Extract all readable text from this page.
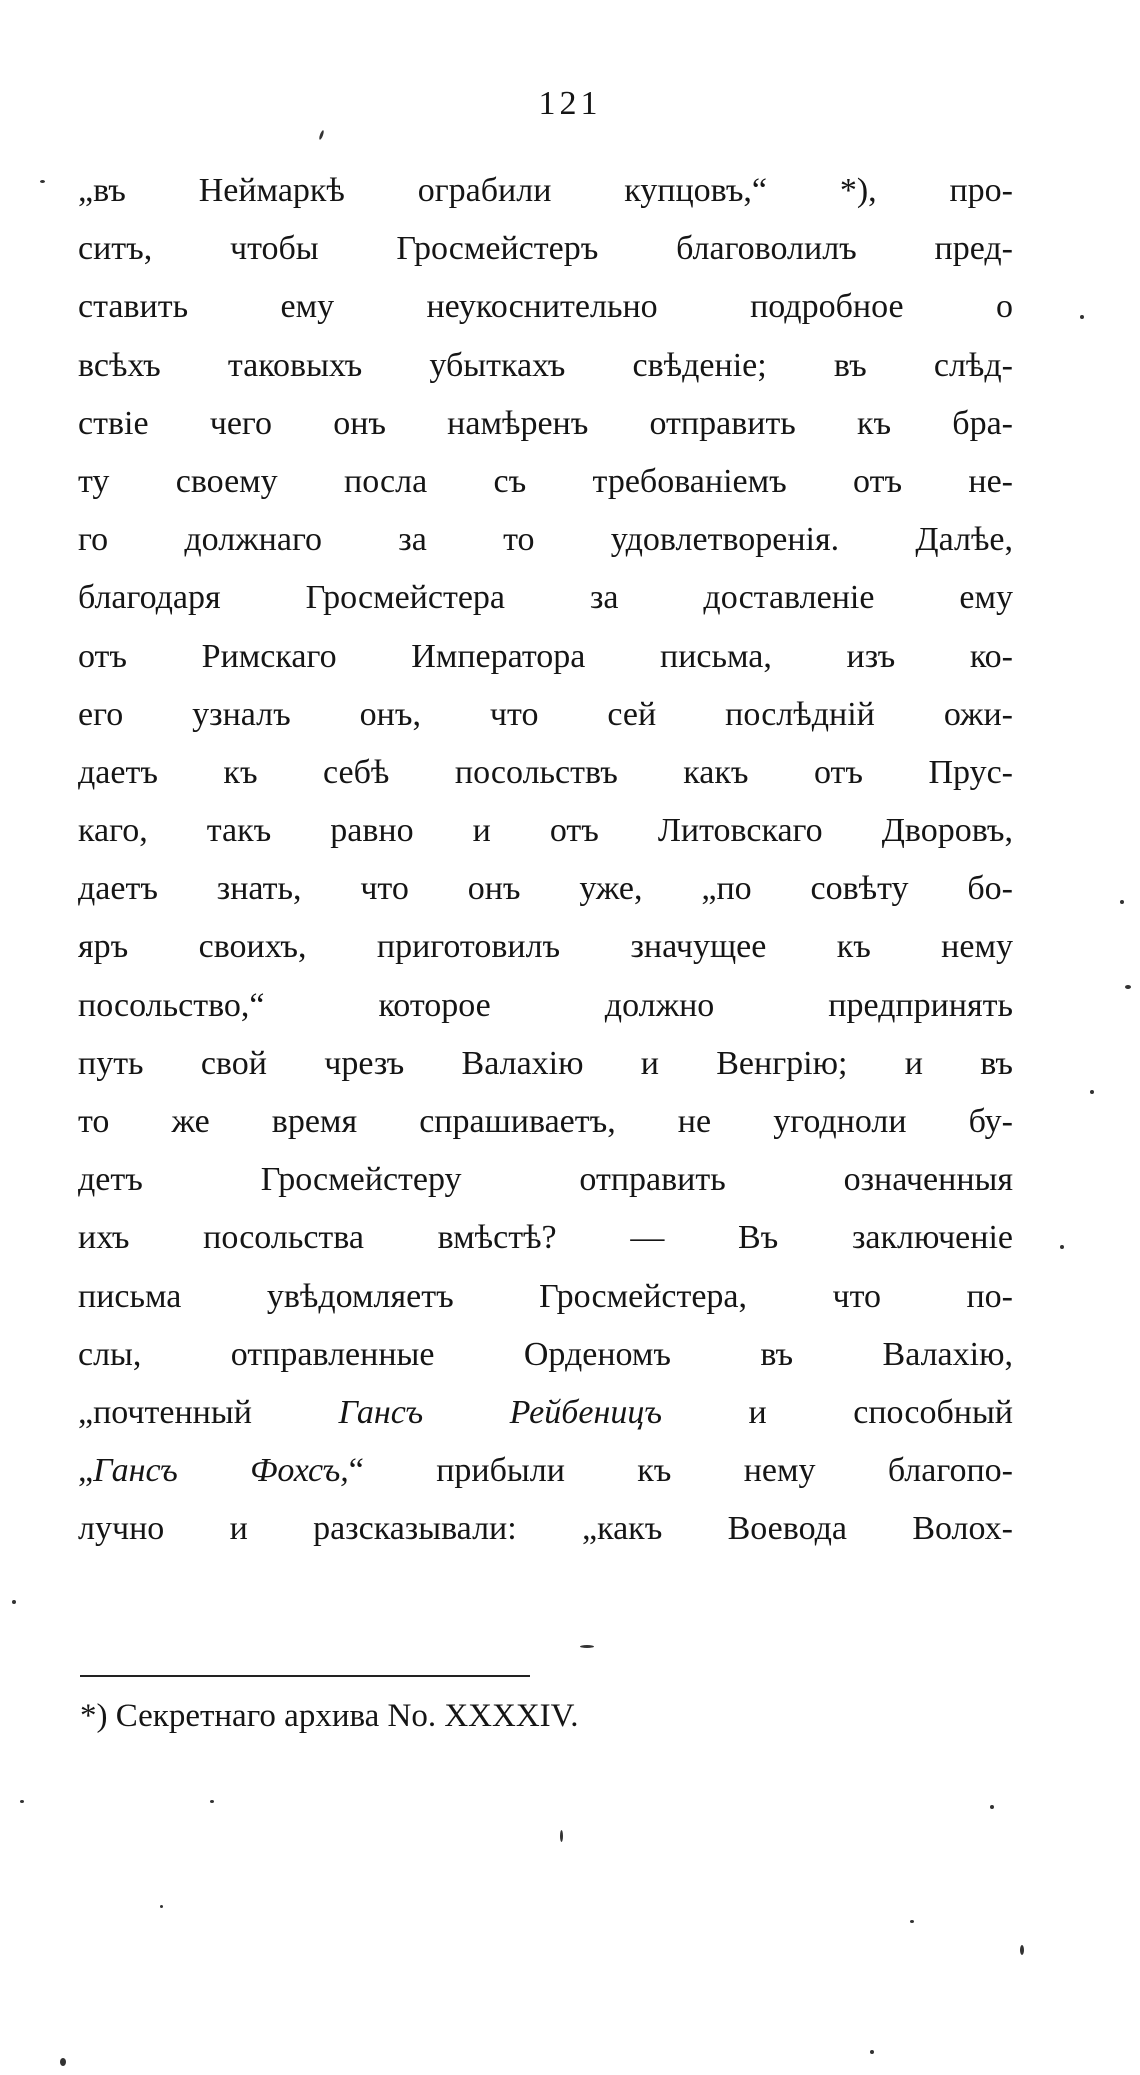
121
„въ Неймаркѣ ограбили купцовъ,“ *), про-
ситъ, чтобы Гросмейстеръ благоволилъ пред-
ставить ему неукоснительно подробное о
всѣхъ таковыхъ убыткахъ свѣденіе; въ слѣд-
ствіе чего онъ намѣренъ отправить къ бра-
ту своему посла съ требованіемъ отъ не-
го должнаго за то удовлетворенія. Далѣе,
благодаря Гросмейстера за доставленіе ему
отъ Римскаго Императора письма, изъ ко-
его узналъ онъ, что сей послѣдній ожи-
даетъ къ себѣ посольствъ какъ отъ Прус-
каго, такъ равно и отъ Литовскаго Дворовъ,
даетъ знать, что онъ уже, „по совѣту бо-
яръ своихъ, приготовилъ значущее къ нему
посольство,“ которое должно предпринять
путь свой чрезъ Валахію и Венгрію; и въ
то же время спрашиваетъ, не угодноли бу-
детъ Гросмейстеру отправить означенныя
ихъ посольства вмѣстѣ? — Въ заключеніе
письма увѣдомляетъ Гросмейстера, что по-
слы, отправленные Орденомъ въ Валахію,
„почтенный Гансъ Рейбеницъ и способный
„Гансъ Фохсъ,“ прибыли къ нему благопо-
лучно и разсказывали: „какъ Воевода Волох-
*) Секретнаго архива No. XXXXIV.
